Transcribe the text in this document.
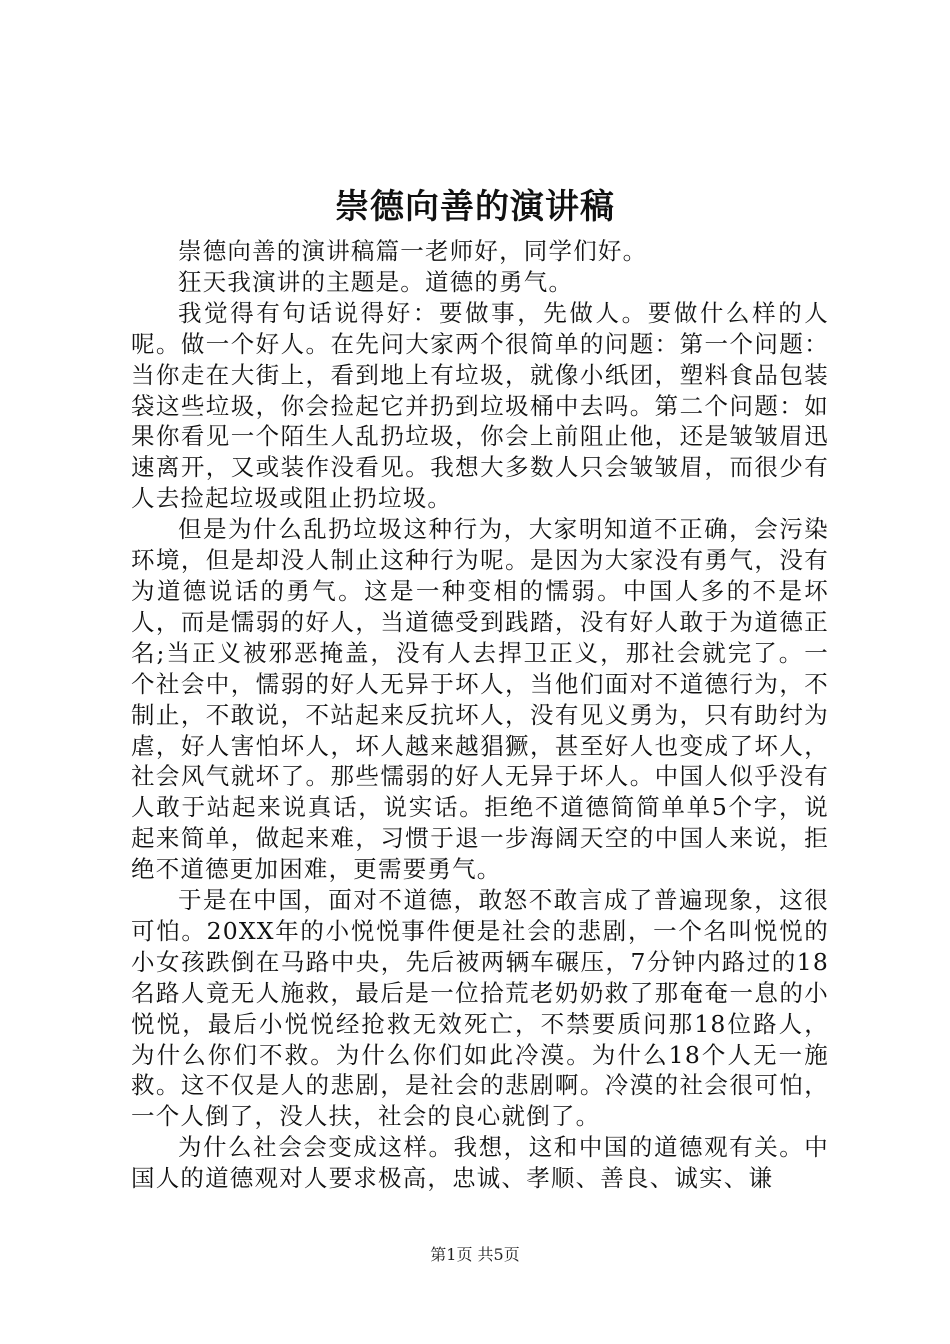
崇德向善的演讲稿

崇德向善的演讲稿篇一老师好，同学们好。

狂天我演讲的主题是。道德的勇气。

我觉得有句话说得好：要做事，先做人。要做什么样的人呢。做一个好人。在先问大家两个很简单的问题：第一个问题：当你走在大街上，看到地上有垃圾，就像小纸团，塑料食品包装袋这些垃圾，你会捡起它并扔到垃圾桶中去吗。第二个问题：如果你看见一个陌生人乱扔垃圾，你会上前阻止他，还是皱皱眉迅速离开，又或装作没看见。我想大多数人只会皱皱眉，而很少有人去捡起垃圾或阻止扔垃圾。

但是为什么乱扔垃圾这种行为，大家明知道不正确，会污染环境，但是却没人制止这种行为呢。是因为大家没有勇气，没有为道德说话的勇气。这是一种变相的懦弱。中国人多的不是坏人，而是懦弱的好人，当道德受到践踏，没有好人敢于为道德正名;当正义被邪恶掩盖，没有人去捍卫正义，那社会就完了。一个社会中，懦弱的好人无异于坏人，当他们面对不道德行为，不制止，不敢说，不站起来反抗坏人，没有见义勇为，只有助纣为虐，好人害怕坏人，坏人越来越猖獗，甚至好人也变成了坏人，社会风气就坏了。那些懦弱的好人无异于坏人。中国人似乎没有人敢于站起来说真话，说实话。拒绝不道德简简单单5个字，说起来简单，做起来难，习惯于退一步海阔天空的中国人来说，拒绝不道德更加困难，更需要勇气。

于是在中国，面对不道德，敢怒不敢言成了普遍现象，这很可怕。20XX年的小悦悦事件便是社会的悲剧，一个名叫悦悦的小女孩跌倒在马路中央，先后被两辆车碾压，7分钟内路过的18名路人竟无人施救，最后是一位拾荒老奶奶救了那奄奄一息的小悦悦，最后小悦悦经抢救无效死亡，不禁要质问那18位路人，为什么你们不救。为什么你们如此冷漠。为什么18个人无一施救。这不仅是人的悲剧，是社会的悲剧啊。冷漠的社会很可怕，一个人倒了，没人扶，社会的良心就倒了。

为什么社会会变成这样。我想，这和中国的道德观有关。中国人的道德观对人要求极高，忠诚、孝顺、善良、诚实、谦

第1页 共5页
